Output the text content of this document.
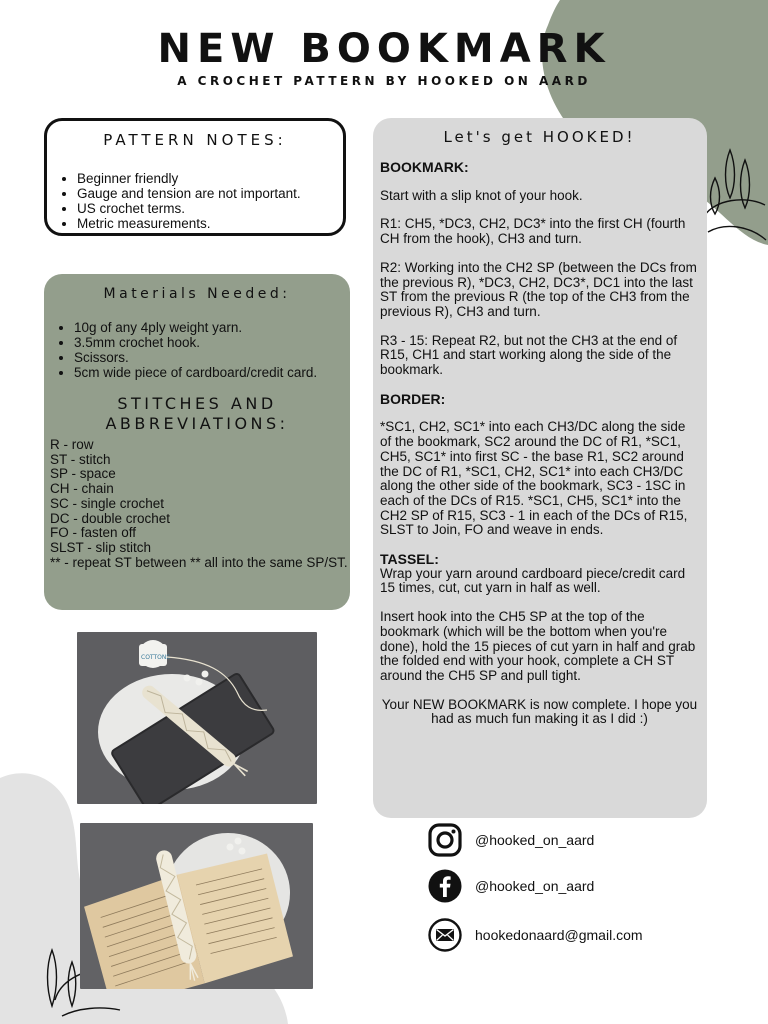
NEW BOOKMARK
A CROCHET PATTERN BY HOOKED ON AARD
PATTERN NOTES:
• Beginner friendly
• Gauge and tension are not important.
• US crochet terms.
• Metric measurements.
Materials Needed:
• 10g of any 4ply weight yarn.
• 3.5mm crochet hook.
• Scissors.
• 5cm wide piece of cardboard/credit card.
STITCHES AND
ABBREVIATIONS:
R - row
ST - stitch
SP - space
CH - chain
SC - single crochet
DC - double crochet
FO - fasten off
SLST - slip stitch
** - repeat ST between ** all into the same SP/ST.
COTTONS
Let's get HOOKED!

BOOKMARK:

Start with a slip knot of your hook.

R1: CH5, *DC3, CH2, DC3* into the first CH (fourth CH from the hook), CH3 and turn.

R2: Working into the CH2 SP (between the DCs from the previous R), *DC3, CH2, DC3*, DC1 into the last ST from the previous R (the top of the CH3 from the previous R), CH3 and turn.

R3 - 15: Repeat R2, but not the CH3 at the end of R15, CH1 and start working along the side of the bookmark.

BORDER:

*SC1, CH2, SC1* into each CH3/DC along the side of the bookmark, SC2 around the DC of R1, *SC1, CH5, SC1* into first SC - the base R1, SC2 around the DC of R1, *SC1, CH2, SC1* into each CH3/DC along the other side of the bookmark, SC3 - 1SC in each of the DCs of R15. *SC1, CH5, SC1* into the CH2 SP of R15, SC3 - 1 in each of the DCs of R15, SLST to Join, FO and weave in ends.

TASSEL:

Wrap your yarn around cardboard piece/credit card 15 times, cut, cut yarn in half as well.

Insert hook into the CH5 SP at the top of the bookmark (which will be the bottom when you're done), hold the 15 pieces of cut yarn in half and grab the folded end with your hook, complete a CH ST around the CH5 SP and pull tight.

Your NEW BOOKMARK is now complete. I hope you had as much fun making it as I did :)

@hooked_on_aard
@hooked_on_aard
hookedonaard@gmail.com
